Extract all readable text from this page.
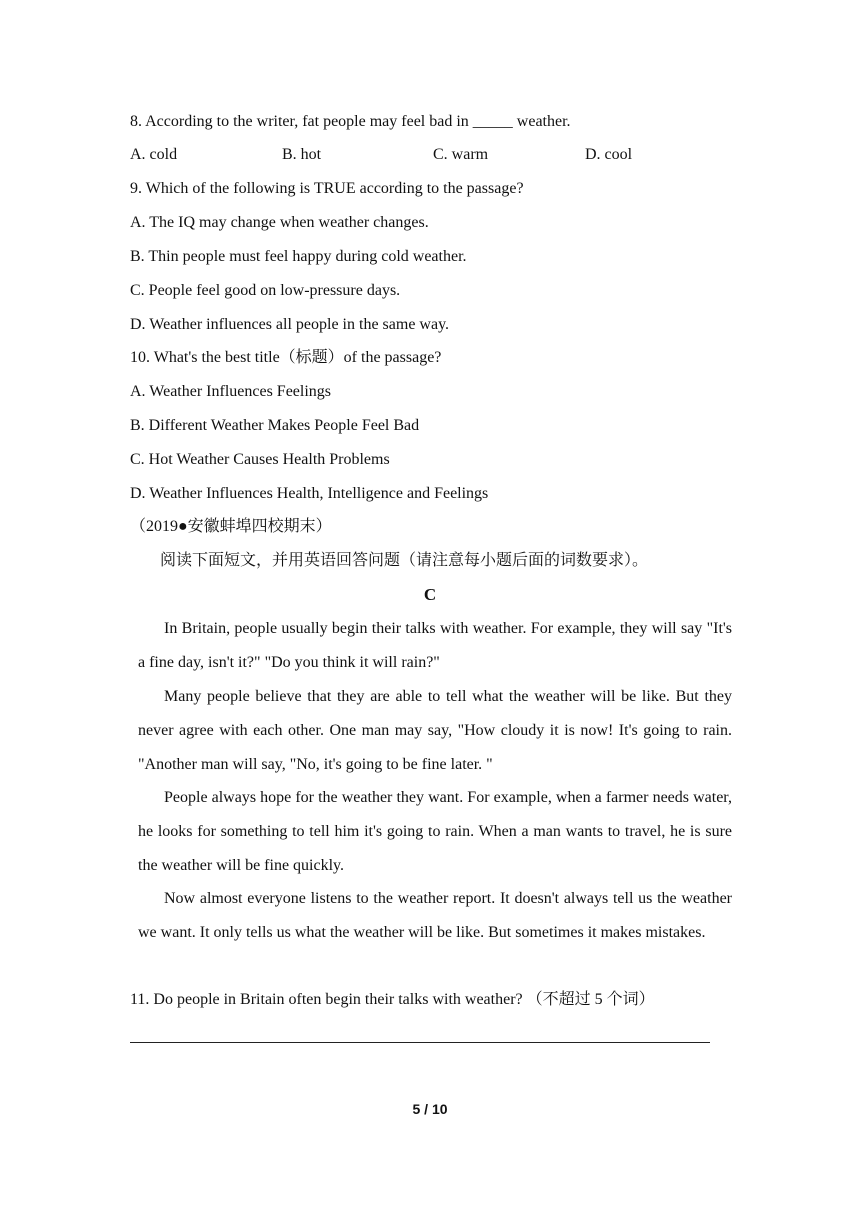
8. According to the writer, fat people may feel bad in _____ weather.
A. cold	B. hot	C. warm	D. cool
9. Which of the following is TRUE according to the passage?
A. The IQ may change when weather changes.
B. Thin people must feel happy during cold weather.
C. People feel good on low-pressure days.
D. Weather influences all people in the same way.
10. What's the best title（标题）of the passage?
A. Weather Influences Feelings
B. Different Weather Makes People Feel Bad
C. Hot Weather Causes Health Problems
D. Weather Influences Health, Intelligence and Feelings
（2019●安徽蚌埠四校期末）
阅读下面短文，并用英语回答问题（请注意每小题后面的词数要求）。
C
In Britain, people usually begin their talks with weather. For example, they will say "It's a fine day, isn't it?" "Do you think it will rain?"
Many people believe that they are able to tell what the weather will be like. But they never agree with each other. One man may say, "How cloudy it is now! It's going to rain. "Another man will say, "No, it's going to be fine later. "
People always hope for the weather they want. For example, when a farmer needs water, he looks for something to tell him it's going to rain. When a man wants to travel, he is sure the weather will be fine quickly.
Now almost everyone listens to the weather report. It doesn't always tell us the weather we want. It only tells us what the weather will be like. But sometimes it makes mistakes.
11. Do people in Britain often begin their talks with weather? （不超过 5 个词）
5 / 10
